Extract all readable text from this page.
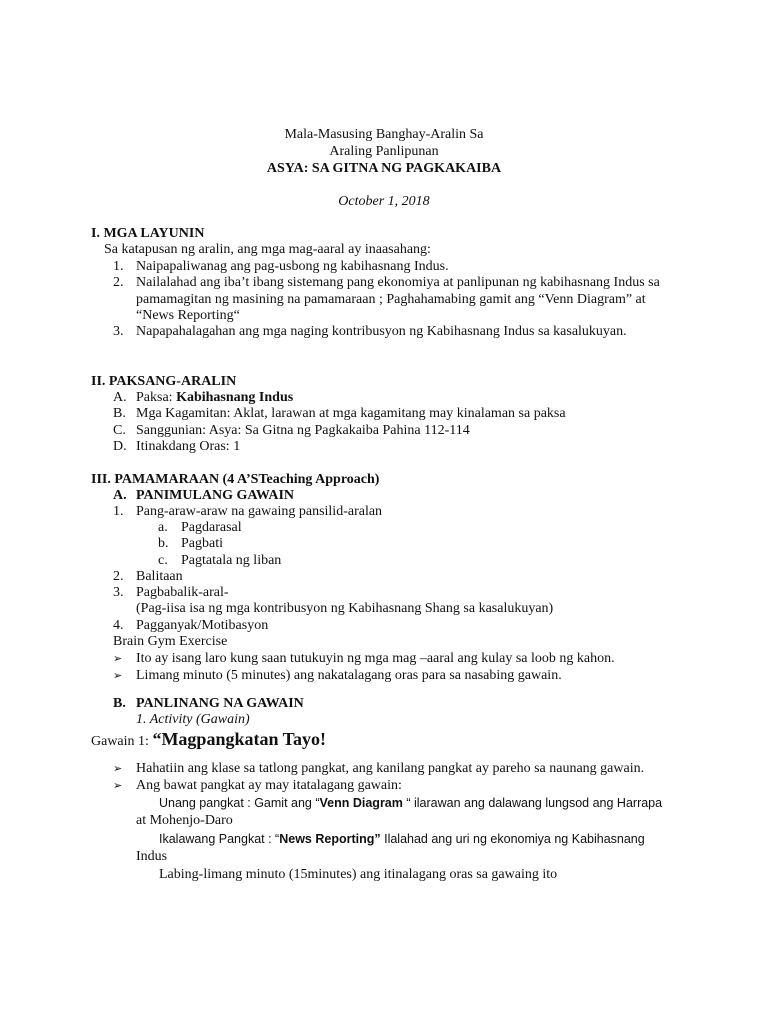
Mala-Masusing Banghay-Aralin Sa
Araling Panlipunan
ASYA: SA GITNA NG PAGKAKAIBA
October 1, 2018
I. MGA LAYUNIN
Sa katapusan ng aralin, ang mga mag-aaral ay inaasahang:
1. Naipapaliwanag ang pag-usbong ng kabihasnang Indus.
2. Nailalahad ang iba’t ibang sistemang pang ekonomiya at panlipunan ng kabihasnang Indus sa
pamamagitan ng masining na pamamaraan ; Paghahamabing gamit ang “Venn Diagram” at
“News Reporting“
3. Napapahalagahan ang mga naging kontribusyon ng Kabihasnang Indus sa kasalukuyan.
II. PAKSANG-ARALIN
A. Paksa: Kabihasnang Indus
B. Mga Kagamitan: Aklat, larawan at mga kagamitang may kinalaman sa paksa
C. Sanggunian: Asya: Sa Gitna ng Pagkakaiba Pahina 112-114
D. Itinakdang Oras: 1
III. PAMAMARAAN (4 A’STeaching Approach)
A. PANIMULANG GAWAIN
1. Pang-araw-araw na gawaing pansilid-aralan
a. Pagdarasal
b. Pagbati
c. Pagtatala ng liban
2. Balitaan
3. Pagbabalik-aral-
(Pag-iisa isa ng mga kontribusyon ng Kabihasnang Shang sa kasalukuyan)
4. Pagganyak/Motibasyon
Brain Gym Exercise
➢ Ito ay isang laro kung saan tutukuyin ng mga mag –aaral ang kulay sa loob ng kahon.
➢ Limang minuto (5 minutes) ang nakatalagang oras para sa nasabing gawain.
B. PANLINANG NA GAWAIN
1. Activity (Gawain)
Gawain 1: “Magpangkatan Tayo!
➢ Hahatiin ang klase sa tatlong pangkat, ang kanilang pangkat ay pareho sa naunang gawain.
➢ Ang bawat pangkat ay may itatalagang gawain:
Unang pangkat : Gamit ang “Venn Diagram “ ilarawan ang dalawang lungsod ang Harrapa
at Mohenjo-Daro
Ikalawang Pangkat : “News Reporting” Ilalahad ang uri ng ekonomiya ng Kabihasnang
Indus
Labing-limang minuto (15minutes) ang itinalagang oras sa gawaing ito
